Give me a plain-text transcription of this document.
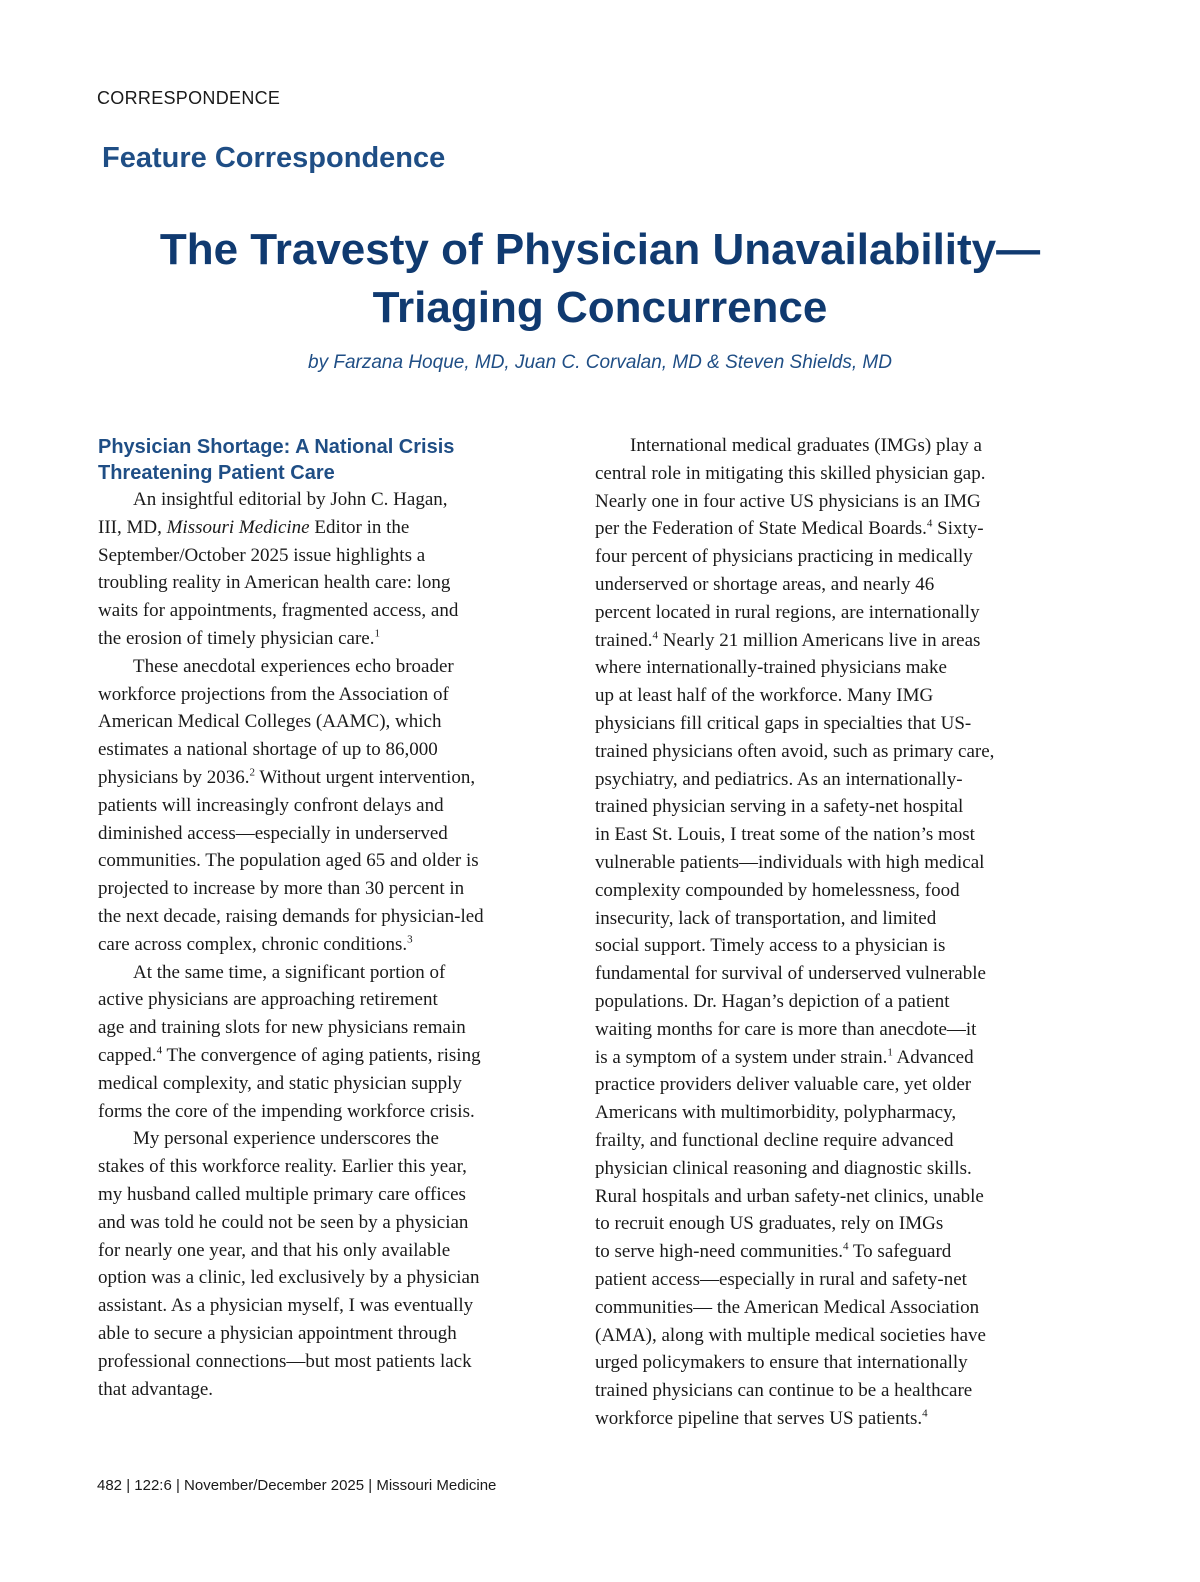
CORRESPONDENCE
Feature Correspondence
The Travesty of Physician Unavailability—
Triaging Concurrence
by Farzana Hoque, MD, Juan C. Corvalan, MD & Steven Shields, MD
Physician Shortage: A National Crisis
Threatening Patient Care
An insightful editorial by John C. Hagan,
III, MD, Missouri Medicine Editor in the
September/October 2025 issue highlights a
troubling reality in American health care: long
waits for appointments, fragmented access, and
the erosion of timely physician care.$^1$
These anecdotal experiences echo broader
workforce projections from the Association of
American Medical Colleges (AAMC), which
estimates a national shortage of up to 86,000
physicians by 2036.$^2$ Without urgent intervention,
patients will increasingly confront delays and
diminished access—especially in underserved
communities. The population aged 65 and older is
projected to increase by more than 30 percent in
the next decade, raising demands for physician-led
care across complex, chronic conditions.$^3$
At the same time, a significant portion of
active physicians are approaching retirement
age and training slots for new physicians remain
capped.$^4$ The convergence of aging patients, rising
medical complexity, and static physician supply
forms the core of the impending workforce crisis.
My personal experience underscores the
stakes of this workforce reality. Earlier this year,
my husband called multiple primary care offices
and was told he could not be seen by a physician
for nearly one year, and that his only available
option was a clinic, led exclusively by a physician
assistant. As a physician myself, I was eventually
able to secure a physician appointment through
professional connections—but most patients lack
that advantage.
International medical graduates (IMGs) play a
central role in mitigating this skilled physician gap.
Nearly one in four active US physicians is an IMG
per the Federation of State Medical Boards.$^4$ Sixty-
four percent of physicians practicing in medically
underserved or shortage areas, and nearly 46
percent located in rural regions, are internationally
trained.$^4$ Nearly 21 million Americans live in areas
where internationally-trained physicians make
up at least half of the workforce. Many IMG
physicians fill critical gaps in specialties that US-
trained physicians often avoid, such as primary care,
psychiatry, and pediatrics. As an internationally-
trained physician serving in a safety-net hospital
in East St. Louis, I treat some of the nation’s most
vulnerable patients—individuals with high medical
complexity compounded by homelessness, food
insecurity, lack of transportation, and limited
social support. Timely access to a physician is
fundamental for survival of underserved vulnerable
populations. Dr. Hagan’s depiction of a patient
waiting months for care is more than anecdote—it
is a symptom of a system under strain.$^1$ Advanced
practice providers deliver valuable care, yet older
Americans with multimorbidity, polypharmacy,
frailty, and functional decline require advanced
physician clinical reasoning and diagnostic skills.
Rural hospitals and urban safety-net clinics, unable
to recruit enough US graduates, rely on IMGs
to serve high-need communities.$^4$ To safeguard
patient access—especially in rural and safety-net
communities— the American Medical Association
(AMA), along with multiple medical societies have
urged policymakers to ensure that internationally
trained physicians can continue to be a healthcare
workforce pipeline that serves US patients.$^4$
482 | 122:6 | November/December 2025 | Missouri Medicine
